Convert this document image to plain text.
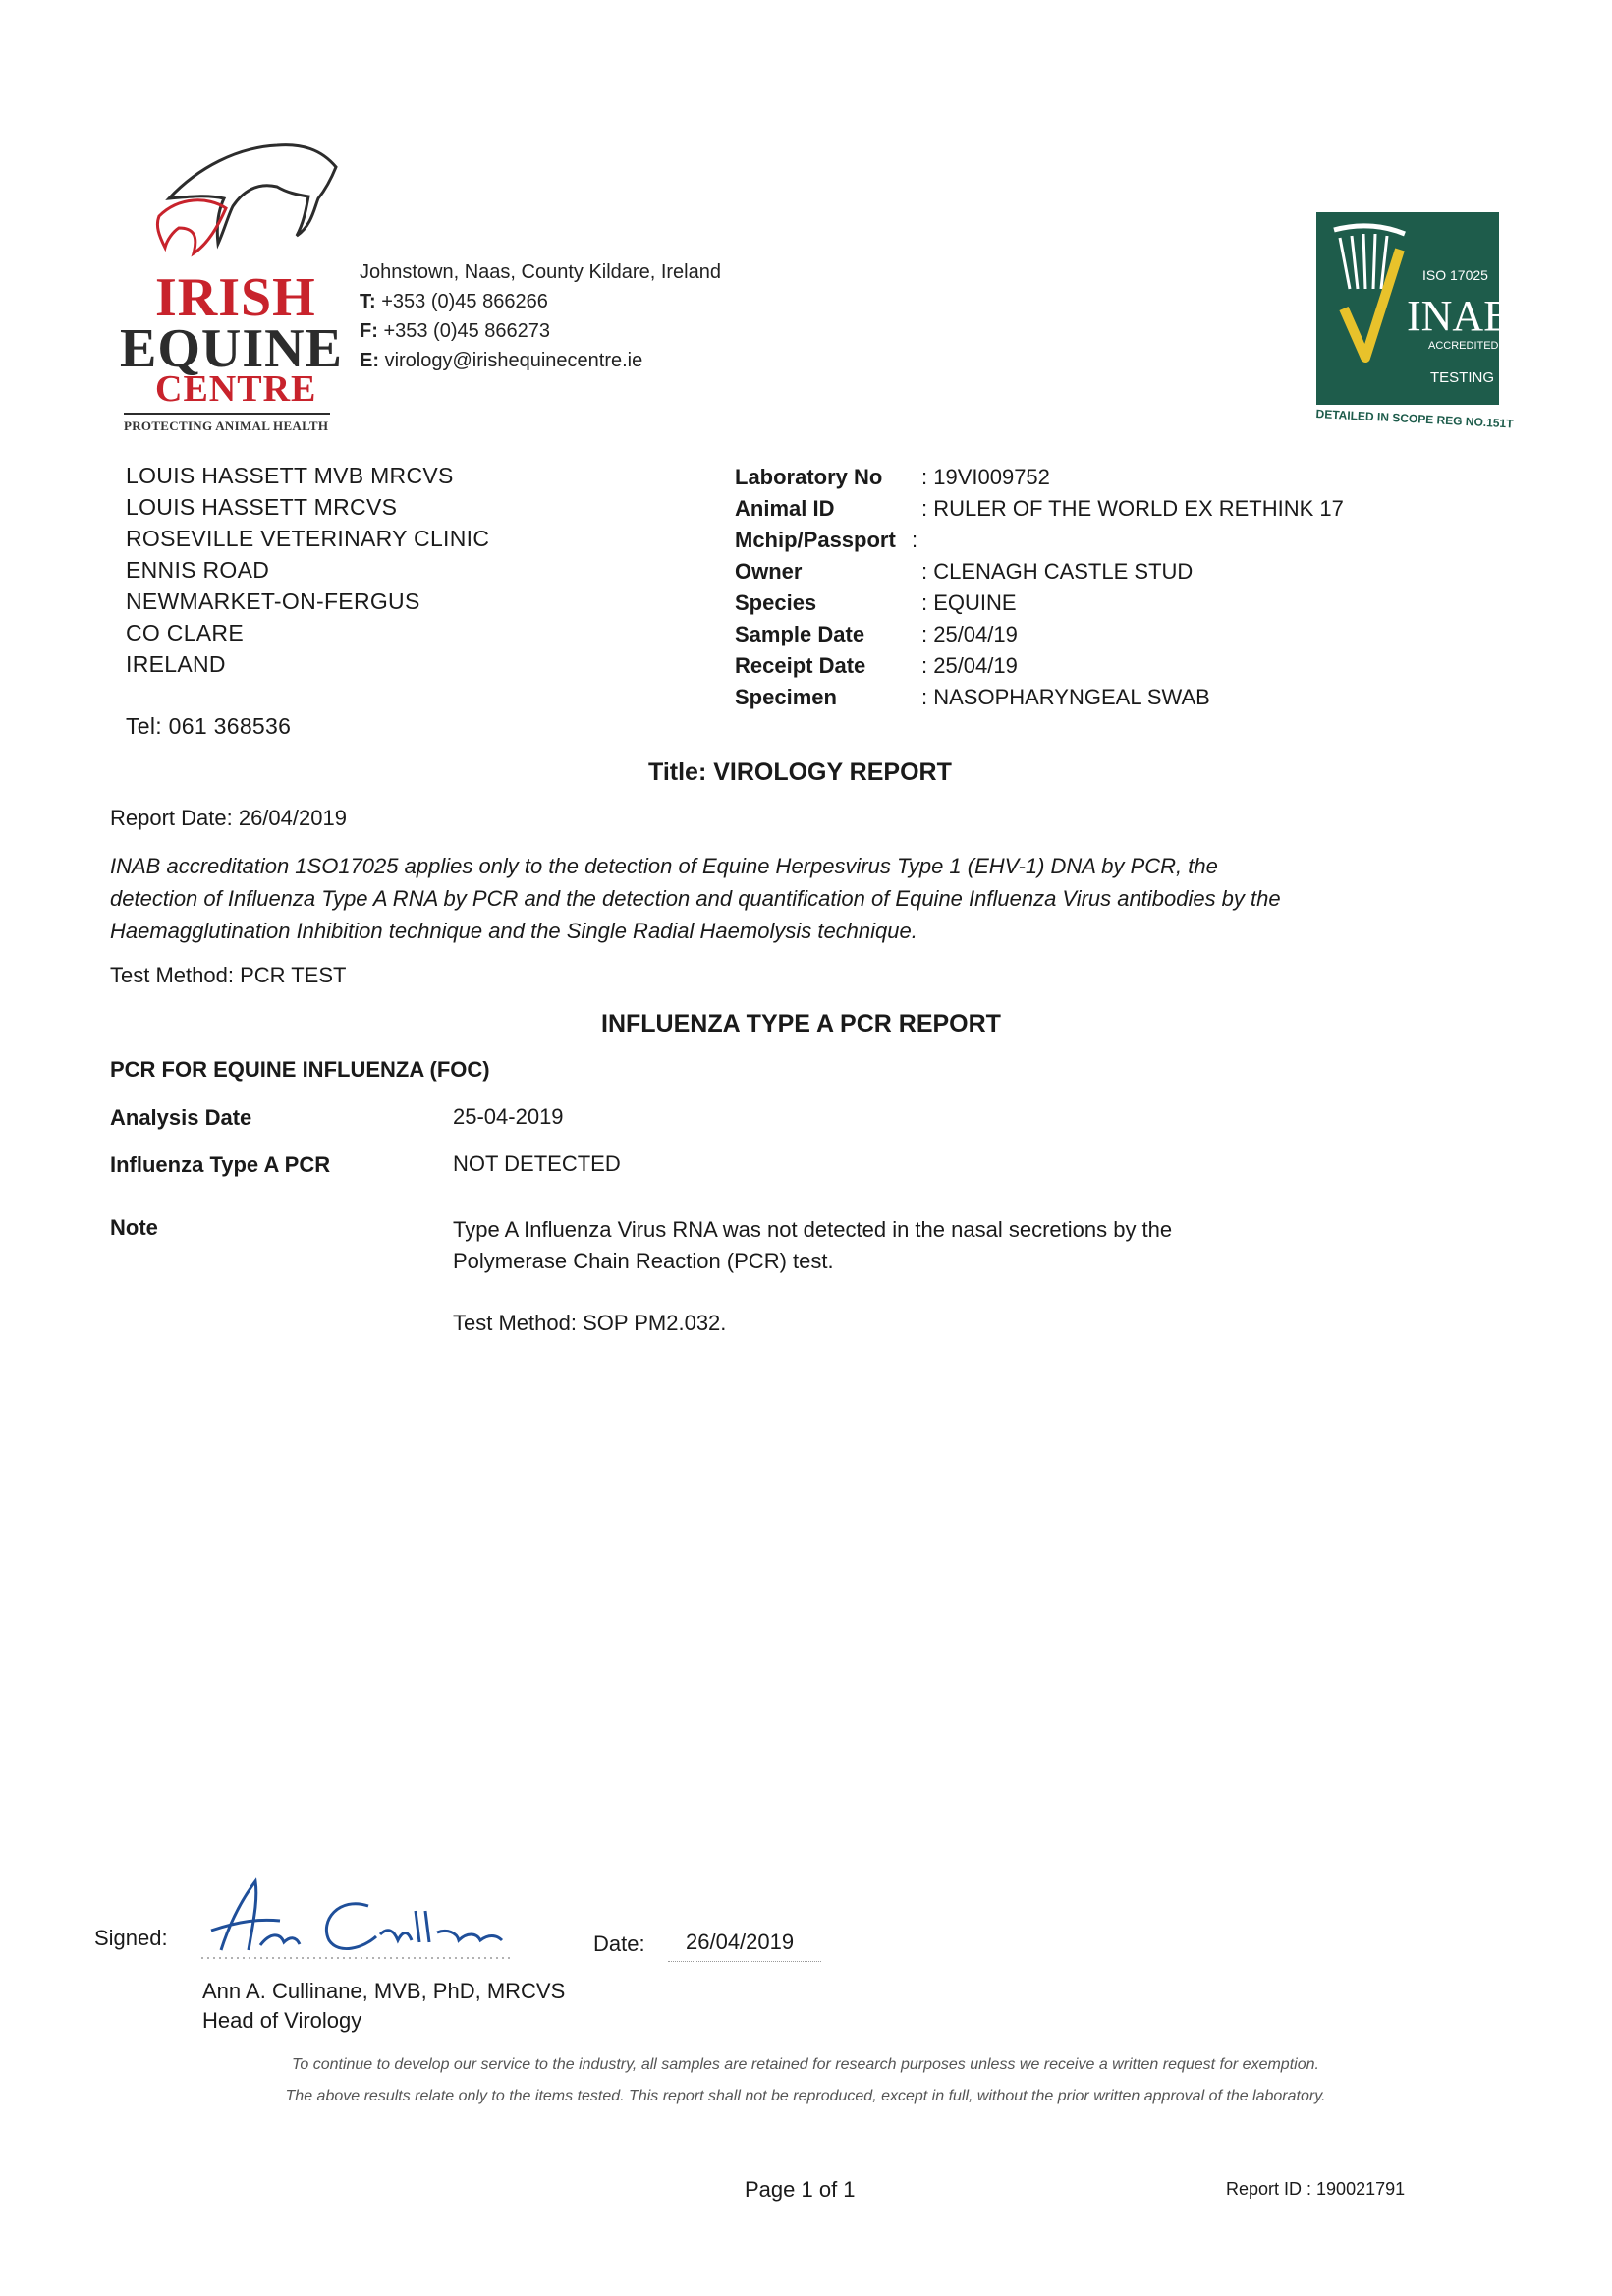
IRISH
EQUINE
CENTRE
PROTECTING ANIMAL HEALTH
Johnstown, Naas, County Kildare, Ireland
T: +353 (0)45 866266
F: +353 (0)45 866273
E: virology@irishequinecentre.ie
ISO 17025
INAB
ACCREDITED
TESTING
DETAILED IN SCOPE REG NO.151T
LOUIS HASSETT MVB MRCVS
LOUIS HASSETT MRCVS
ROSEVILLE VETERINARY CLINIC
ENNIS ROAD
NEWMARKET-ON-FERGUS
CO CLARE
IRELAND
Tel: 061 368536
Laboratory No	: 19VI009752
Animal ID	: RULER OF THE WORLD EX RETHINK 17
Mchip/Passport :
Owner	: CLENAGH CASTLE STUD
Species	: EQUINE
Sample Date	: 25/04/19
Receipt Date	: 25/04/19
Specimen	: NASOPHARYNGEAL SWAB
Title: VIROLOGY REPORT
Report Date: 26/04/2019
INAB accreditation 1SO17025 applies only to the detection of Equine Herpesvirus Type 1 (EHV-1) DNA by PCR, the
detection of Influenza Type A RNA by PCR and the detection and quantification of Equine Influenza Virus antibodies by the
Haemagglutination Inhibition technique and the Single Radial Haemolysis technique.
Test Method: PCR TEST
INFLUENZA TYPE A PCR REPORT
PCR FOR EQUINE INFLUENZA (FOC)
Analysis Date	25-04-2019
Influenza Type A PCR	NOT DETECTED
Note	Type A Influenza Virus RNA was not detected in the nasal secretions by the
Polymerase Chain Reaction (PCR) test.
Test Method: SOP PM2.032.
Signed:	Date: 26/04/2019
Ann A. Cullinane, MVB, PhD, MRCVS
Head of Virology
To continue to develop our service to the industry, all samples are retained for research purposes unless we receive a written request for exemption.
The above results relate only to the items tested. This report shall not be reproduced, except in full, without the prior written approval of the laboratory.
Page 1 of 1	Report ID : 190021791
